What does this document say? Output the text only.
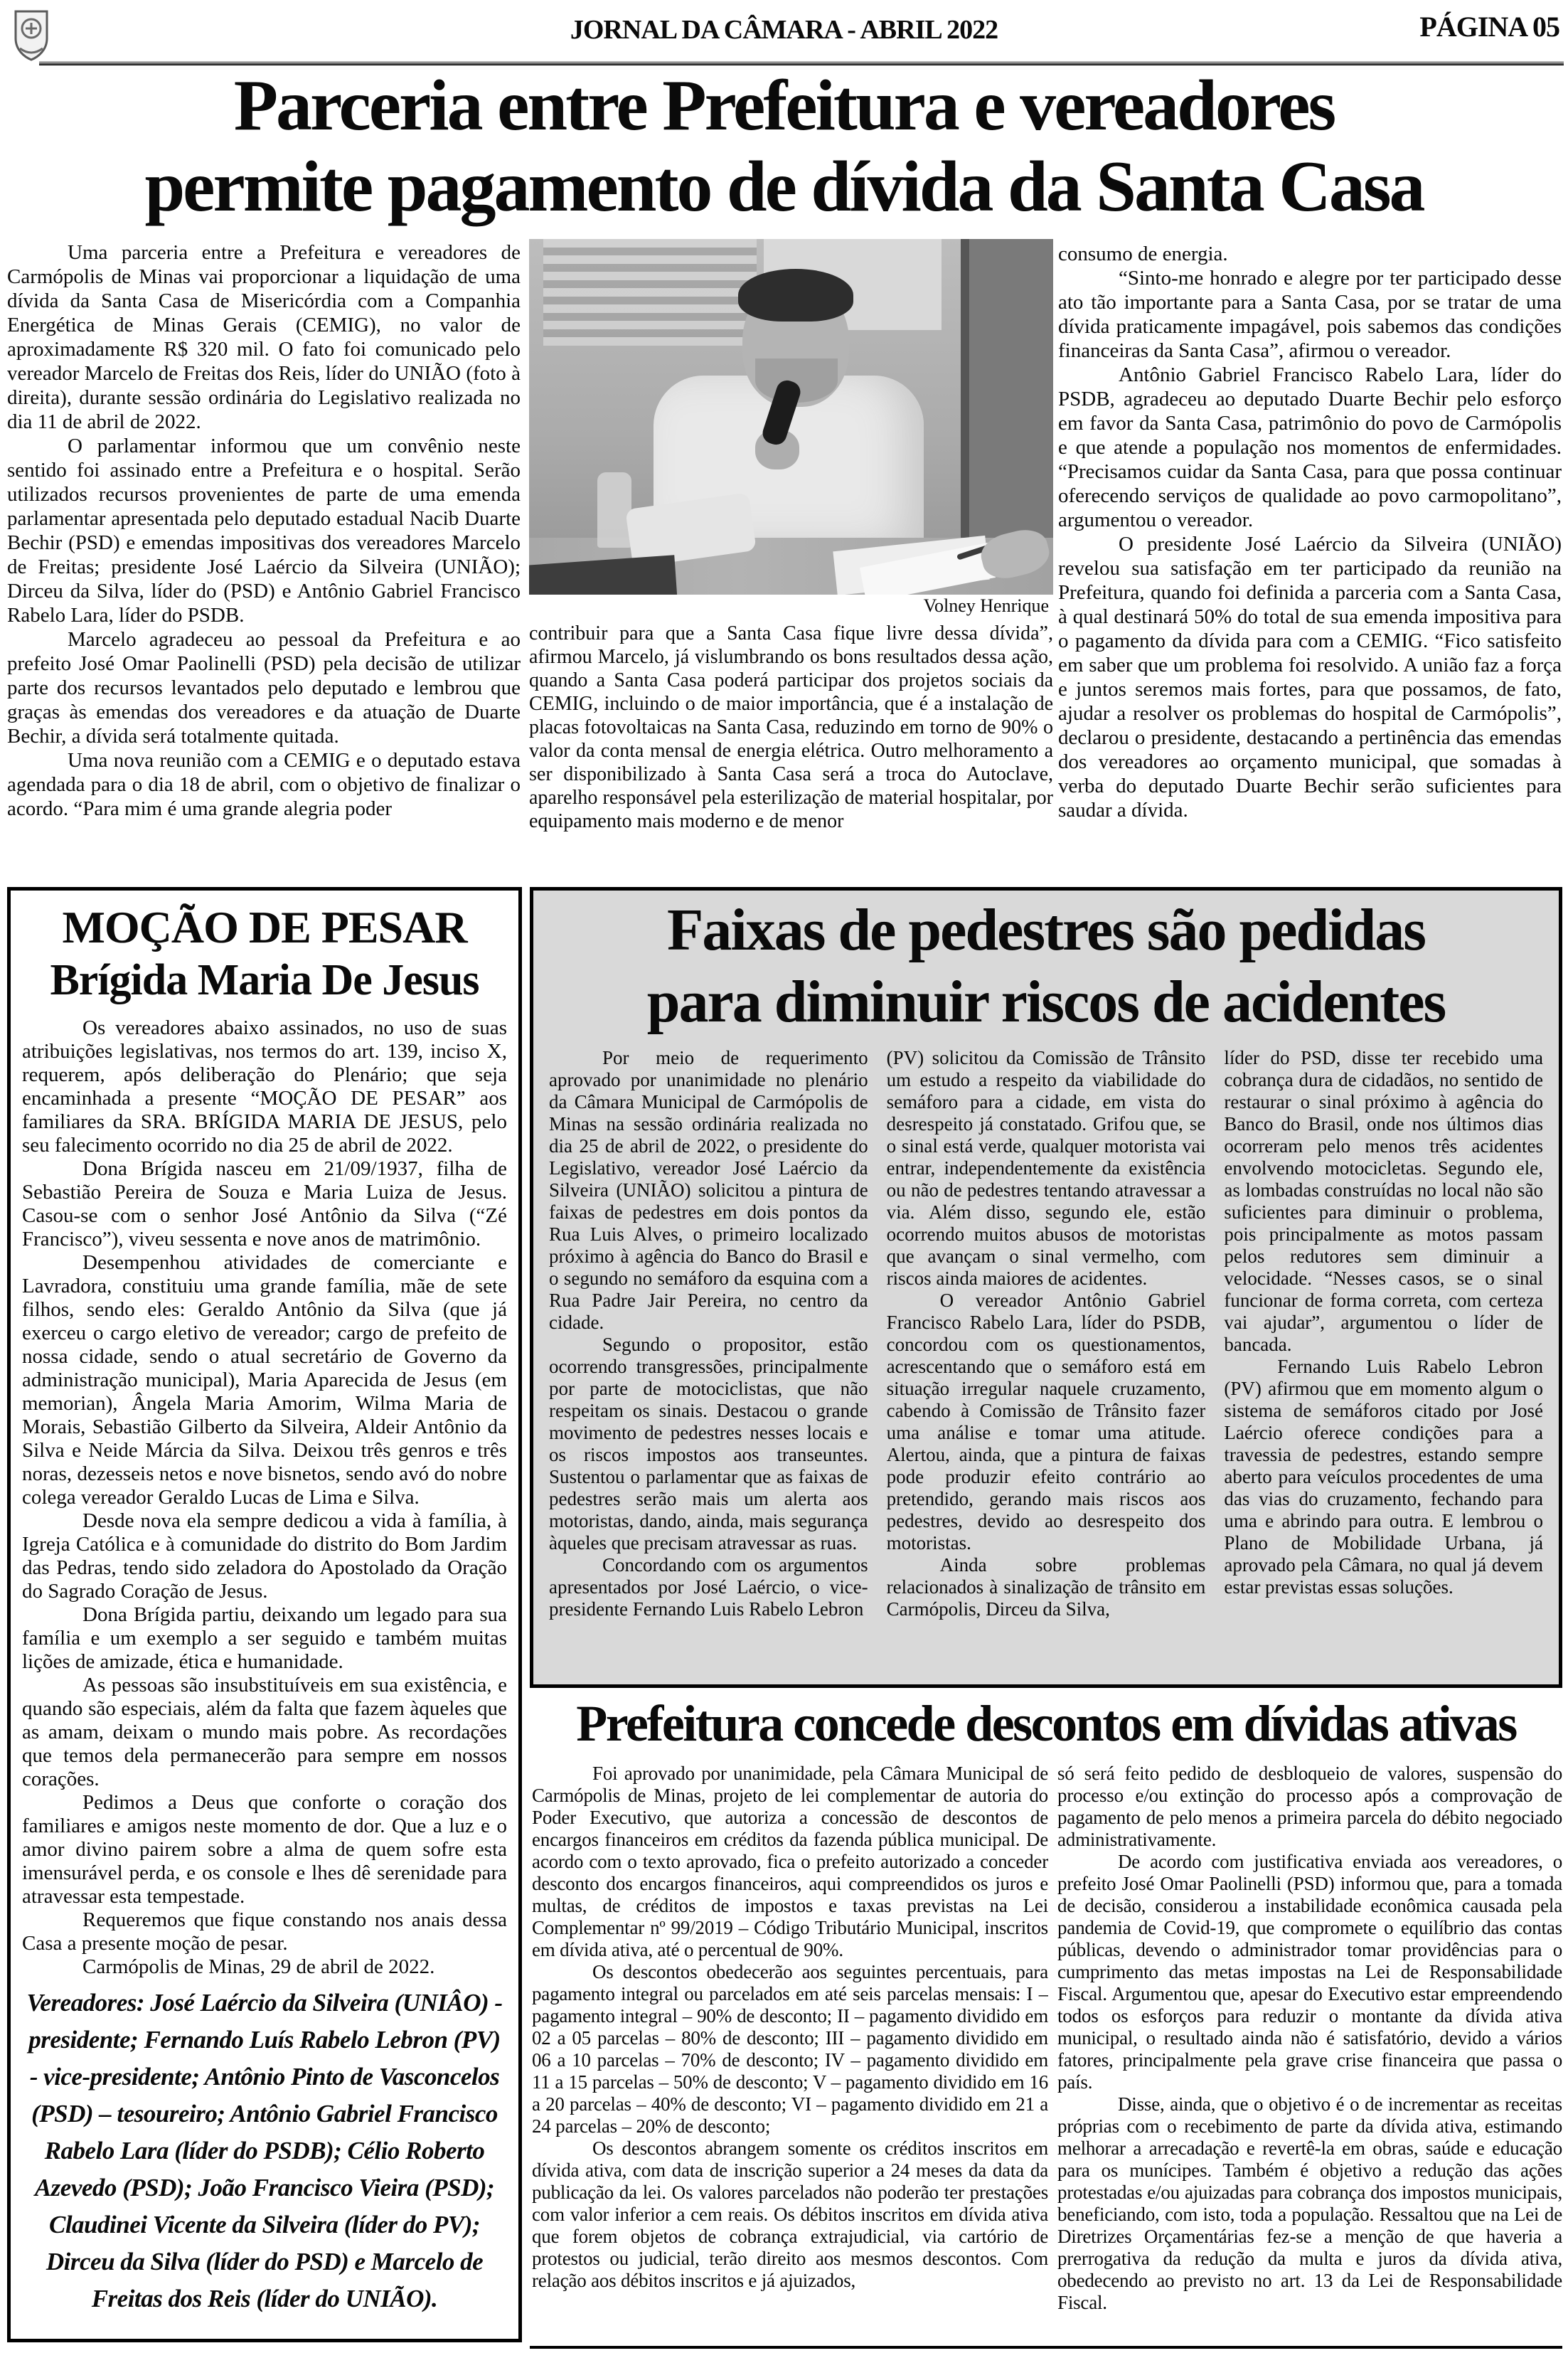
JORNAL DA CÂMARA - ABRIL 2022	PÁGINA 05
Parceria entre Prefeitura e vereadores
permite pagamento de dívida da Santa Casa

Uma parceria entre a Prefeitura e vereadores de Carmópolis de Minas vai proporcionar a liquidação de uma dívida da Santa Casa de Misericórdia com a Companhia Energética de Minas Gerais (CEMIG), no valor de aproximadamente R$ 320 mil. O fato foi comunicado pelo vereador Marcelo de Freitas dos Reis, líder do UNIÃO (foto à direita), durante sessão ordinária do Legislativo realizada no dia 11 de abril de 2022.

O parlamentar informou que um convênio neste sentido foi assinado entre a Prefeitura e o hospital. Serão utilizados recursos provenientes de parte de uma emenda parlamentar apresentada pelo deputado estadual Nacib Duarte Bechir (PSD) e emendas impositivas dos vereadores Marcelo de Freitas; presidente José Laércio da Silveira (UNIÃO); Dirceu da Silva, líder do (PSD) e Antônio Gabriel Francisco Rabelo Lara, líder do PSDB.

Marcelo agradeceu ao pessoal da Prefeitura e ao prefeito José Omar Paolinelli (PSD) pela decisão de utilizar parte dos recursos levantados pelo deputado e lembrou que graças às emendas dos vereadores e da atuação de Duarte Bechir, a dívida será totalmente quitada.

Uma nova reunião com a CEMIG e o deputado estava agendada para o dia 18 de abril, com o objetivo de finalizar o acordo. “Para mim é uma grande alegria poder

Volney Henrique

contribuir para que a Santa Casa fique livre dessa dívida”, afirmou Marcelo, já vislumbrando os bons resultados dessa ação, quando a Santa Casa poderá participar dos projetos sociais da CEMIG, incluindo o de maior importância, que é a instalação de placas fotovoltaicas na Santa Casa, reduzindo em torno de 90% o valor da conta mensal de energia elétrica. Outro melhoramento a ser disponibilizado à Santa Casa será a troca do Autoclave, aparelho responsável pela esterilização de material hospitalar, por equipamento mais moderno e de menor

consumo de energia.

“Sinto-me honrado e alegre por ter participado desse ato tão importante para a Santa Casa, por se tratar de uma dívida praticamente impagável, pois sabemos das condições financeiras da Santa Casa”, afirmou o vereador.

Antônio Gabriel Francisco Rabelo Lara, líder do PSDB, agradeceu ao deputado Duarte Bechir pelo esforço em favor da Santa Casa, patrimônio do povo de Carmópolis e que atende a população nos momentos de enfermidades. “Precisamos cuidar da Santa Casa, para que possa continuar oferecendo serviços de qualidade ao povo carmopolitano”, argumentou o vereador.

O presidente José Laércio da Silveira (UNIÃO) revelou sua satisfação em ter participado da reunião na Prefeitura, quando foi definida a parceria com a Santa Casa, à qual destinará 50% do total de sua emenda impositiva para o pagamento da dívida para com a CEMIG. “Fico satisfeito em saber que um problema foi resolvido. A união faz a força e juntos seremos mais fortes, para que possamos, de fato, ajudar a resolver os problemas do hospital de Carmópolis”, declarou o presidente, destacando a pertinência das emendas dos vereadores ao orçamento municipal, que somadas à verba do deputado Duarte Bechir serão suficientes para saudar a dívida.

MOÇÃO DE PESAR
Brígida Maria De Jesus

Os vereadores abaixo assinados, no uso de suas atribuições legislativas, nos termos do art. 139, inciso X, requerem, após deliberação do Plenário; que seja encaminhada a presente “MOÇÃO DE PESAR” aos familiares da SRA. BRÍGIDA MARIA DE JESUS, pelo seu falecimento ocorrido no dia 25 de abril de 2022.

Dona Brígida nasceu em 21/09/1937, filha de Sebastião Pereira de Souza e Maria Luiza de Jesus. Casou-se com o senhor José Antônio da Silva (“Zé Francisco”), viveu sessenta e nove anos de matrimônio.

Desempenhou atividades de comerciante e Lavradora, constituiu uma grande família, mãe de sete filhos, sendo eles: Geraldo Antônio da Silva (que já exerceu o cargo eletivo de vereador; cargo de prefeito de nossa cidade, sendo o atual secretário de Governo da administração municipal), Maria Aparecida de Jesus (em memorian), Ângela Maria Amorim, Wilma Maria de Morais, Sebastião Gilberto da Silveira, Aldeir Antônio da Silva e Neide Márcia da Silva. Deixou três genros e três noras, dezesseis netos e nove bisnetos, sendo avó do nobre colega vereador Geraldo Lucas de Lima e Silva.

Desde nova ela sempre dedicou a vida à família, à Igreja Católica e à comunidade do distrito do Bom Jardim das Pedras, tendo sido zeladora do Apostolado da Oração do Sagrado Coração de Jesus.

Dona Brígida partiu, deixando um legado para sua família e um exemplo a ser seguido e também muitas lições de amizade, ética e humanidade.

As pessoas são insubstituíveis em sua existência, e quando são especiais, além da falta que fazem àqueles que as amam, deixam o mundo mais pobre. As recordações que temos dela permanecerão para sempre em nossos corações.

Pedimos a Deus que conforte o coração dos familiares e amigos neste momento de dor. Que a luz e o amor divino pairem sobre a alma de quem sofre esta imensurável perda, e os console e lhes dê serenidade para atravessar esta tempestade.

Requeremos que fique constando nos anais dessa Casa a presente moção de pesar.

Carmópolis de Minas, 29 de abril de 2022.

Vereadores: José Laércio da Silveira (UNIÂO) - presidente; Fernando Luís Rabelo Lebron (PV) - vice-presidente; Antônio Pinto de Vasconcelos (PSD) – tesoureiro; Antônio Gabriel Francisco Rabelo Lara (líder do PSDB); Célio Roberto Azevedo (PSD); João Francisco Vieira (PSD); Claudinei Vicente da Silveira (líder do PV); Dirceu da Silva (líder do PSD) e Marcelo de Freitas dos Reis (líder do UNIÃO).
Faixas de pedestres são pedidas
para diminuir riscos de acidentes

Por meio de requerimento aprovado por unanimidade no plenário da Câmara Municipal de Carmópolis de Minas na sessão ordinária realizada no dia 25 de abril de 2022, o presidente do Legislativo, vereador José Laércio da Silveira (UNIÃO) solicitou a pintura de faixas de pedestres em dois pontos da Rua Luis Alves, o primeiro localizado próximo à agência do Banco do Brasil e o segundo no semáforo da esquina com a Rua Padre Jair Pereira, no centro da cidade.

Segundo o propositor, estão ocorrendo transgressões, principalmente por parte de motociclistas, que não respeitam os sinais. Destacou o grande movimento de pedestres nesses locais e os riscos impostos aos transeuntes. Sustentou o parlamentar que as faixas de pedestres serão mais um alerta aos motoristas, dando, ainda, mais segurança àqueles que precisam atravessar as ruas.

Concordando com os argumentos apresentados por José Laércio, o vice-presidente Fernando Luis Rabelo Lebron

(PV) solicitou da Comissão de Trânsito um estudo a respeito da viabilidade do semáforo para a cidade, em vista do desrespeito já constatado. Grifou que, se o sinal está verde, qualquer motorista vai entrar, independentemente da existência ou não de pedestres tentando atravessar a via. Além disso, segundo ele, estão ocorrendo muitos abusos de motoristas que avançam o sinal vermelho, com riscos ainda maiores de acidentes.

O vereador Antônio Gabriel Francisco Rabelo Lara, líder do PSDB, concordou com os questionamentos, acrescentando que o semáforo está em situação irregular naquele cruzamento, cabendo à Comissão de Trânsito fazer uma análise e tomar uma atitude. Alertou, ainda, que a pintura de faixas pode produzir efeito contrário ao pretendido, gerando mais riscos aos pedestres, devido ao desrespeito dos motoristas.

Ainda sobre problemas relacionados à sinalização de trânsito em Carmópolis, Dirceu da Silva,

líder do PSD, disse ter recebido uma cobrança dura de cidadãos, no sentido de restaurar o sinal próximo à agência do Banco do Brasil, onde nos últimos dias ocorreram pelo menos três acidentes envolvendo motocicletas. Segundo ele, as lombadas construídas no local não são suficientes para diminuir o problema, pois principalmente as motos passam pelos redutores sem diminuir a velocidade. “Nesses casos, se o sinal funcionar de forma correta, com certeza vai ajudar”, argumentou o líder de bancada.

Fernando Luis Rabelo Lebron (PV) afirmou que em momento algum o sistema de semáforos citado por José Laércio oferece condições para a travessia de pedestres, estando sempre aberto para veículos procedentes de uma das vias do cruzamento, fechando para uma e abrindo para outra. E lembrou o Plano de Mobilidade Urbana, já aprovado pela Câmara, no qual já devem estar previstas essas soluções.

Prefeitura concede descontos em dívidas ativas

Foi aprovado por unanimidade, pela Câmara Municipal de Carmópolis de Minas, projeto de lei complementar de autoria do Poder Executivo, que autoriza a concessão de descontos de encargos financeiros em créditos da fazenda pública municipal. De acordo com o texto aprovado, fica o prefeito autorizado a conceder desconto dos encargos financeiros, aqui compreendidos os juros e multas, de créditos de impostos e taxas previstas na Lei Complementar nº 99/2019 – Código Tributário Municipal, inscritos em dívida ativa, até o percentual de 90%.

Os descontos obedecerão aos seguintes percentuais, para pagamento integral ou parcelados em até seis parcelas mensais: I – pagamento integral – 90% de desconto; II – pagamento dividido em 02 a 05 parcelas – 80% de desconto; III – pagamento dividido em 06 a 10 parcelas – 70% de desconto; IV – pagamento dividido em 11 a 15 parcelas – 50% de desconto; V – pagamento dividido em 16 a 20 parcelas – 40% de desconto; VI – pagamento dividido em 21 a 24 parcelas – 20% de desconto;

Os descontos abrangem somente os créditos inscritos em dívida ativa, com data de inscrição superior a 24 meses da data da publicação da lei. Os valores parcelados não poderão ter prestações com valor inferior a cem reais. Os débitos inscritos em dívida ativa que forem objetos de cobrança extrajudicial, via cartório de protestos ou judicial, terão direito aos mesmos descontos. Com relação aos débitos inscritos e já ajuizados,

só será feito pedido de desbloqueio de valores, suspensão do processo e/ou extinção do processo após a comprovação de pagamento de pelo menos a primeira parcela do débito negociado administrativamente.

De acordo com justificativa enviada aos vereadores, o prefeito José Omar Paolinelli (PSD) informou que, para a tomada de decisão, considerou a instabilidade econômica causada pela pandemia de Covid-19, que compromete o equilíbrio das contas públicas, devendo o administrador tomar providências para o cumprimento das metas impostas na Lei de Responsabilidade Fiscal. Argumentou que, apesar do Executivo estar empreendendo todos os esforços para reduzir o montante da dívida ativa municipal, o resultado ainda não é satisfatório, devido a vários fatores, principalmente pela grave crise financeira que passa o país.

Disse, ainda, que o objetivo é o de incrementar as receitas próprias com o recebimento de parte da dívida ativa, estimando melhorar a arrecadação e revertê-la em obras, saúde e educação para os munícipes. Também é objetivo a redução das ações protestadas e/ou ajuizadas para cobrança dos impostos municipais, beneficiando, com isto, toda a população. Ressaltou que na Lei de Diretrizes Orçamentárias fez-se a menção de que haveria a prerrogativa da redução da multa e juros da dívida ativa, obedecendo ao previsto no art. 13 da Lei de Responsabilidade Fiscal.
